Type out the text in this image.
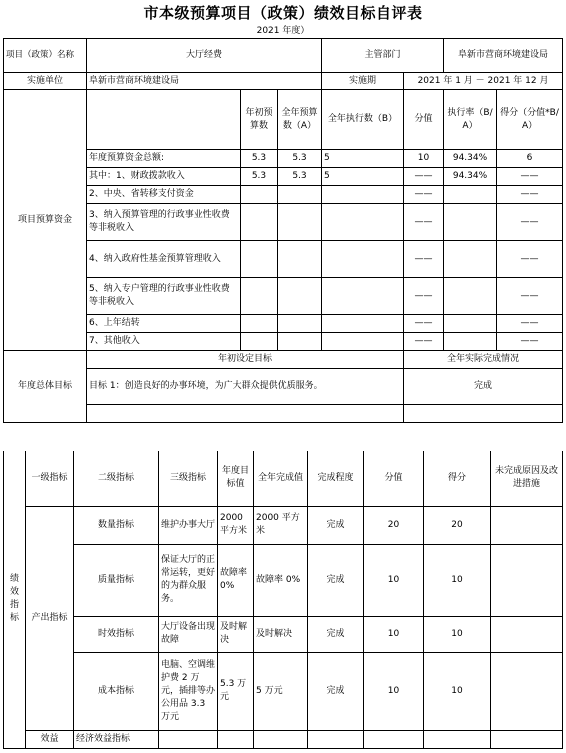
市本级预算项目（政策）绩效目标自评表
2021 年度）
项目（政策）名称	大厅经费			主管部门		阜新市营商环境建设局	
实施单位	阜新市营商环境建设局			实施期	2021 年 1 月 － 2021 年 12 月		
项目预算资金		年初预算数	全年预算数（A）	全年执行数（B）	分值	执行率（B/A）	得分（分值*B/A）
	年度预算资金总额:	5.3	5.3	5	10	94.34%	6
	其中：1、财政拨款收入	5.3	5.3	5	——	94.34%	——
	2、中央、省转移支付资金				——		——
	3、纳入预算管理的行政事业性收费等非税收入				——		——
	4、纳入政府性基金预算管理收入				——		——
	5、纳入专户管理的行政事业性收费等非税收入				——		——
	6、上年结转				——		——
	7、其他收入				——		——
年度总体目标	年初设定目标				全年实际完成情况		
	目标 1：创造良好的办事环境，为广大群众提供优质服务。				完成		

绩效指标	一级指标	二级指标	三级指标	年度目标值	全年完成值	完成程度	分值	得分	未完成原因及改进措施
	产出指标	数量指标	维护办事大厅	2000 平方米	2000 平方米	完成	20	20	
		质量指标	保证大厅的正常运转，更好的为群众服务。	故障率0%	故障率 0%	完成	10	10	
		时效指标	大厅设备出现故障	及时解决	及时解决	完成	10	10	
		成本指标	电脑、空调维护费 2 万元，插排等办公用品 3.3 万元	5.3 万元	5 万元	完成	10	10	
	效益	经济效益指标							
